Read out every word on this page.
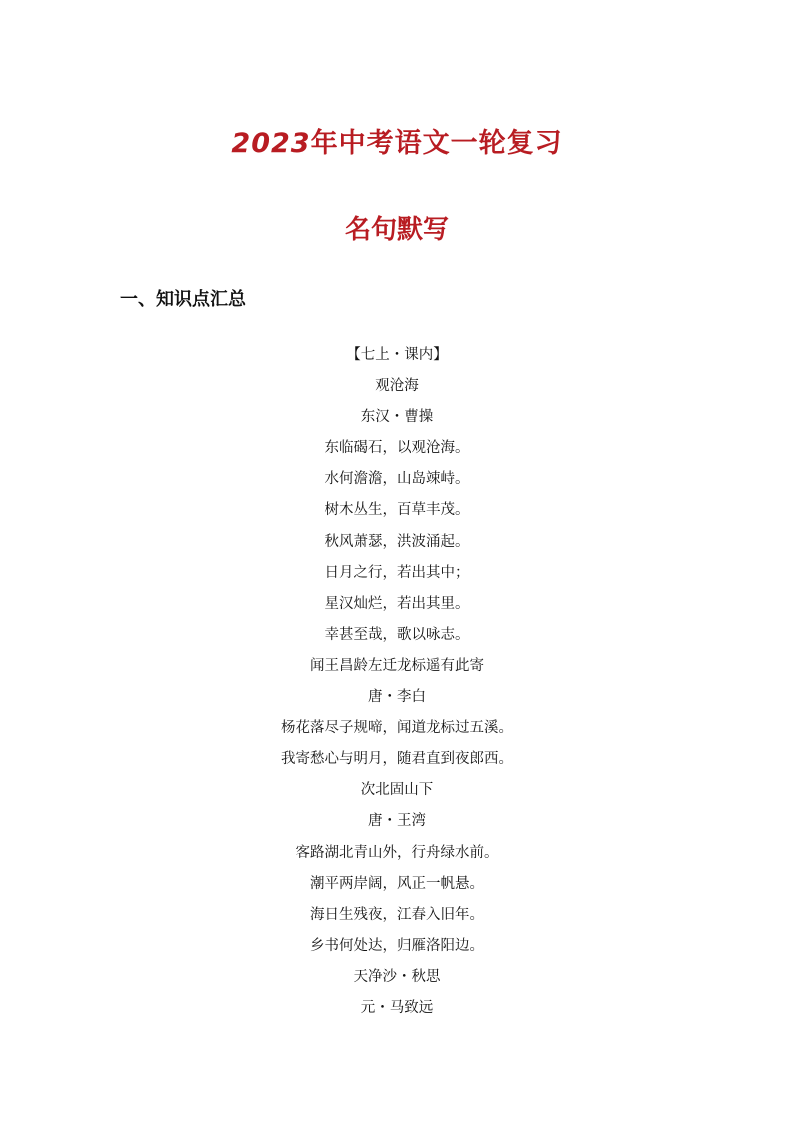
2023年中考语文一轮复习
名句默写
一、知识点汇总
【七上・课内】
观沧海
东汉・曹操
东临碣石，以观沧海。
水何澹澹，山岛竦峙。
树木丛生，百草丰茂。
秋风萧瑟，洪波涌起。
日月之行，若出其中；
星汉灿烂，若出其里。
幸甚至哉，歌以咏志。
闻王昌龄左迁龙标遥有此寄
唐・李白
杨花落尽子规啼，闻道龙标过五溪。
我寄愁心与明月，随君直到夜郎西。
次北固山下
唐・王湾
客路湖北青山外，行舟绿水前。
潮平两岸阔，风正一帆悬。
海日生残夜，江春入旧年。
乡书何处达，归雁洛阳边。
天净沙・秋思
元・马致远
